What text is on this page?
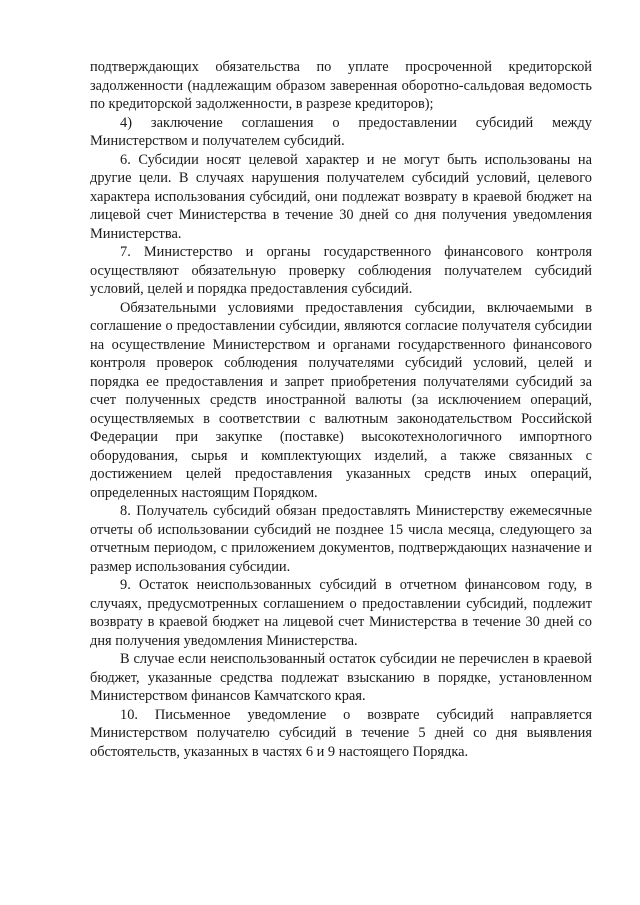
подтверждающих обязательства по уплате просроченной кредиторской задолженности (надлежащим образом заверенная оборотно-сальдовая ведомость по кредиторской задолженности, в разрезе кредиторов);

4) заключение соглашения о предоставлении субсидий между Министерством и получателем субсидий.

6. Субсидии носят целевой характер и не могут быть использованы на другие цели. В случаях нарушения получателем субсидий условий, целевого характера использования субсидий, они подлежат возврату в краевой бюджет на лицевой счет Министерства в течение 30 дней со дня получения уведомления Министерства.

7. Министерство и органы государственного финансового контроля осуществляют обязательную проверку соблюдения получателем субсидий условий, целей и порядка предоставления субсидий.

Обязательными условиями предоставления субсидии, включаемыми в соглашение о предоставлении субсидии, являются согласие получателя субсидии на осуществление Министерством и органами государственного финансового контроля проверок соблюдения получателями субсидий условий, целей и порядка ее предоставления и запрет приобретения получателями субсидий за счет полученных средств иностранной валюты (за исключением операций, осуществляемых в соответствии с валютным законодательством Российской Федерации при закупке (поставке) высокотехнологичного импортного оборудования, сырья и комплектующих изделий, а также связанных с достижением целей предоставления указанных средств иных операций, определенных настоящим Порядком.

8. Получатель субсидий обязан предоставлять Министерству ежемесячные отчеты об использовании субсидий не позднее 15 числа месяца, следующего за отчетным периодом, с приложением документов, подтверждающих назначение и размер использования субсидии.

9. Остаток неиспользованных субсидий в отчетном финансовом году, в случаях, предусмотренных соглашением о предоставлении субсидий, подлежит возврату в краевой бюджет на лицевой счет Министерства в течение 30 дней со дня получения уведомления Министерства.

В случае если неиспользованный остаток субсидии не перечислен в краевой бюджет, указанные средства подлежат взысканию в порядке, установленном Министерством финансов Камчатского края.

10. Письменное уведомление о возврате субсидий направляется Министерством получателю субсидий в течение 5 дней со дня выявления обстоятельств, указанных в частях 6 и 9 настоящего Порядка.
